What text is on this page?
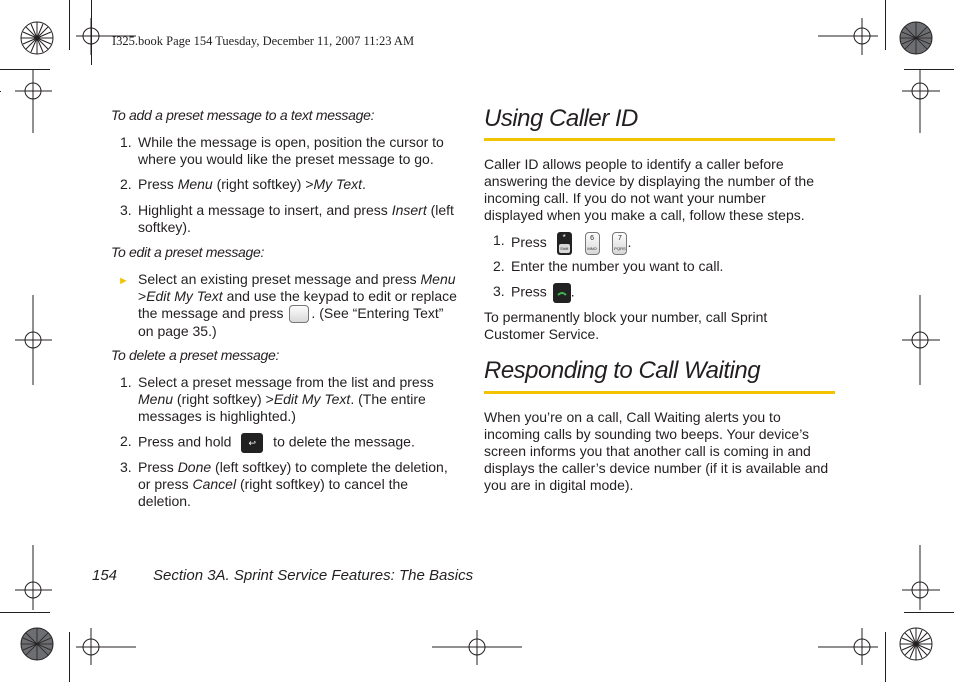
I325.book Page 154 Tuesday, December 11, 2007 11:23 AM
To add a preset message to a text message:
1. While the message is open, position the cursor to
where you would like the preset message to go.
2. Press Menu (right softkey) >My Text.
3. Highlight a message to insert, and press Insert (left
softkey).
To edit a preset message:
► Select an existing preset message and press Menu
>Edit My Text and use the keypad to edit or replace
the message and press . (See “Entering Text”
on page 35.)
To delete a preset message:
1. Select a preset message from the list and press
Menu (right softkey) >Edit My Text. (The entire
messages is highlighted.)
2. Press and hold ↩ to delete the message.
3. Press Done (left softkey) to complete the deletion,
or press Cancel (right softkey) to cancel the
deletion.
Using Caller ID
Caller ID allows people to identify a caller before
answering the device by displaying the number of the
incoming call. If you do not want your number
displayed when you make a call, follow these steps.
1. Press	*
Shift

6
MNO

7
PQRS .
2. Enter the number you want to call.
3. Press .
To permanently block your number, call Sprint
Customer Service.
Responding to Call Waiting
When you’re on a call, Call Waiting alerts you to
incoming calls by sounding two beeps. Your device’s
screen informs you that another call is coming in and
displays the caller’s device number (if it is available and
you are in digital mode).
154 Section 3A. Sprint Service Features: The Basics
